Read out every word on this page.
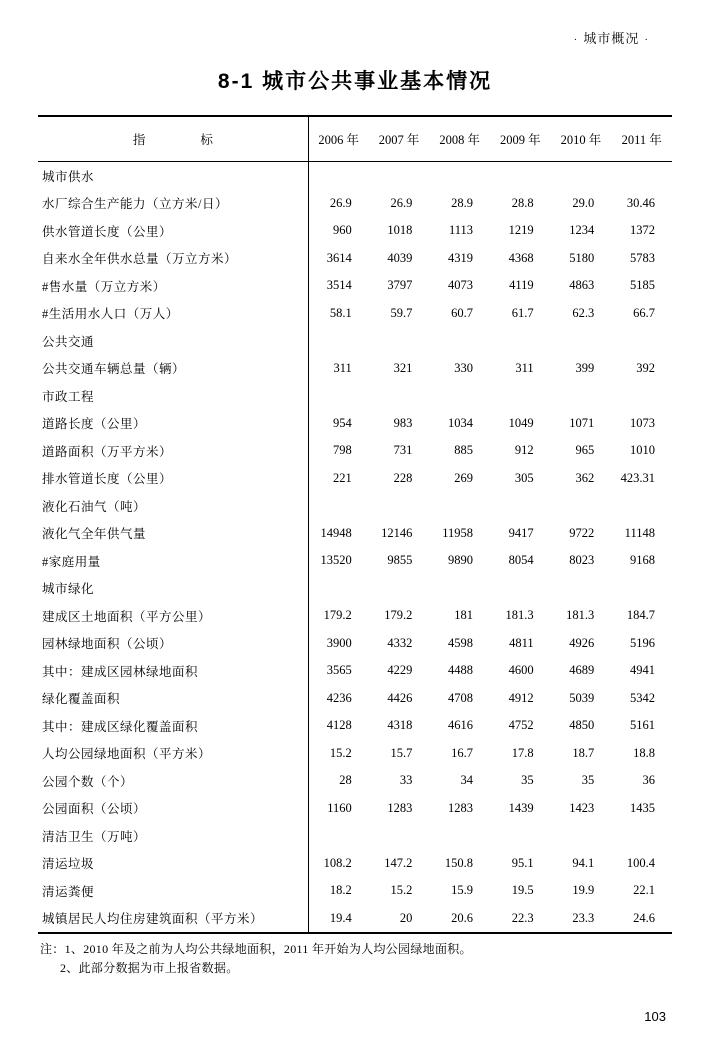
· 城市概况 ·
8-1 城市公共事业基本情况
指　　标	2006 年	2007 年	2008 年	2009 年	2010 年	2011 年
城市供水						
水厂综合生产能力（立方米/日）	26.9	26.9	28.9	28.8	29.0	30.46
供水管道长度（公里）	960	1018	1113	1219	1234	1372
自来水全年供水总量（万立方米）	3614	4039	4319	4368	5180	5783
#售水量（万立方米）	3514	3797	4073	4119	4863	5185
#生活用水人口（万人）	58.1	59.7	60.7	61.7	62.3	66.7
公共交通						
公共交通车辆总量（辆）	311	321	330	311	399	392
市政工程						
道路长度（公里）	954	983	1034	1049	1071	1073
道路面积（万平方米）	798	731	885	912	965	1010
排水管道长度（公里）	221	228	269	305	362	423.31
液化石油气（吨）						
液化气全年供气量	14948	12146	11958	9417	9722	11148
#家庭用量	13520	9855	9890	8054	8023	9168
城市绿化						
建成区土地面积（平方公里）	179.2	179.2	181	181.3	181.3	184.7
园林绿地面积（公顷）	3900	4332	4598	4811	4926	5196
其中：建成区园林绿地面积	3565	4229	4488	4600	4689	4941
绿化覆盖面积	4236	4426	4708	4912	5039	5342
其中：建成区绿化覆盖面积	4128	4318	4616	4752	4850	5161
人均公园绿地面积（平方米）	15.2	15.7	16.7	17.8	18.7	18.8
公园个数（个）	28	33	34	35	35	36
公园面积（公顷）	1160	1283	1283	1439	1423	1435
清洁卫生（万吨）						
清运垃圾	108.2	147.2	150.8	95.1	94.1	100.4
清运粪便	18.2	15.2	15.9	19.5	19.9	22.1
城镇居民人均住房建筑面积（平方米）	19.4	20	20.6	22.3	23.3	24.6
注：1、2010 年及之前为人均公共绿地面积，2011 年开始为人均公园绿地面积。
2、此部分数据为市上报省数据。
103
